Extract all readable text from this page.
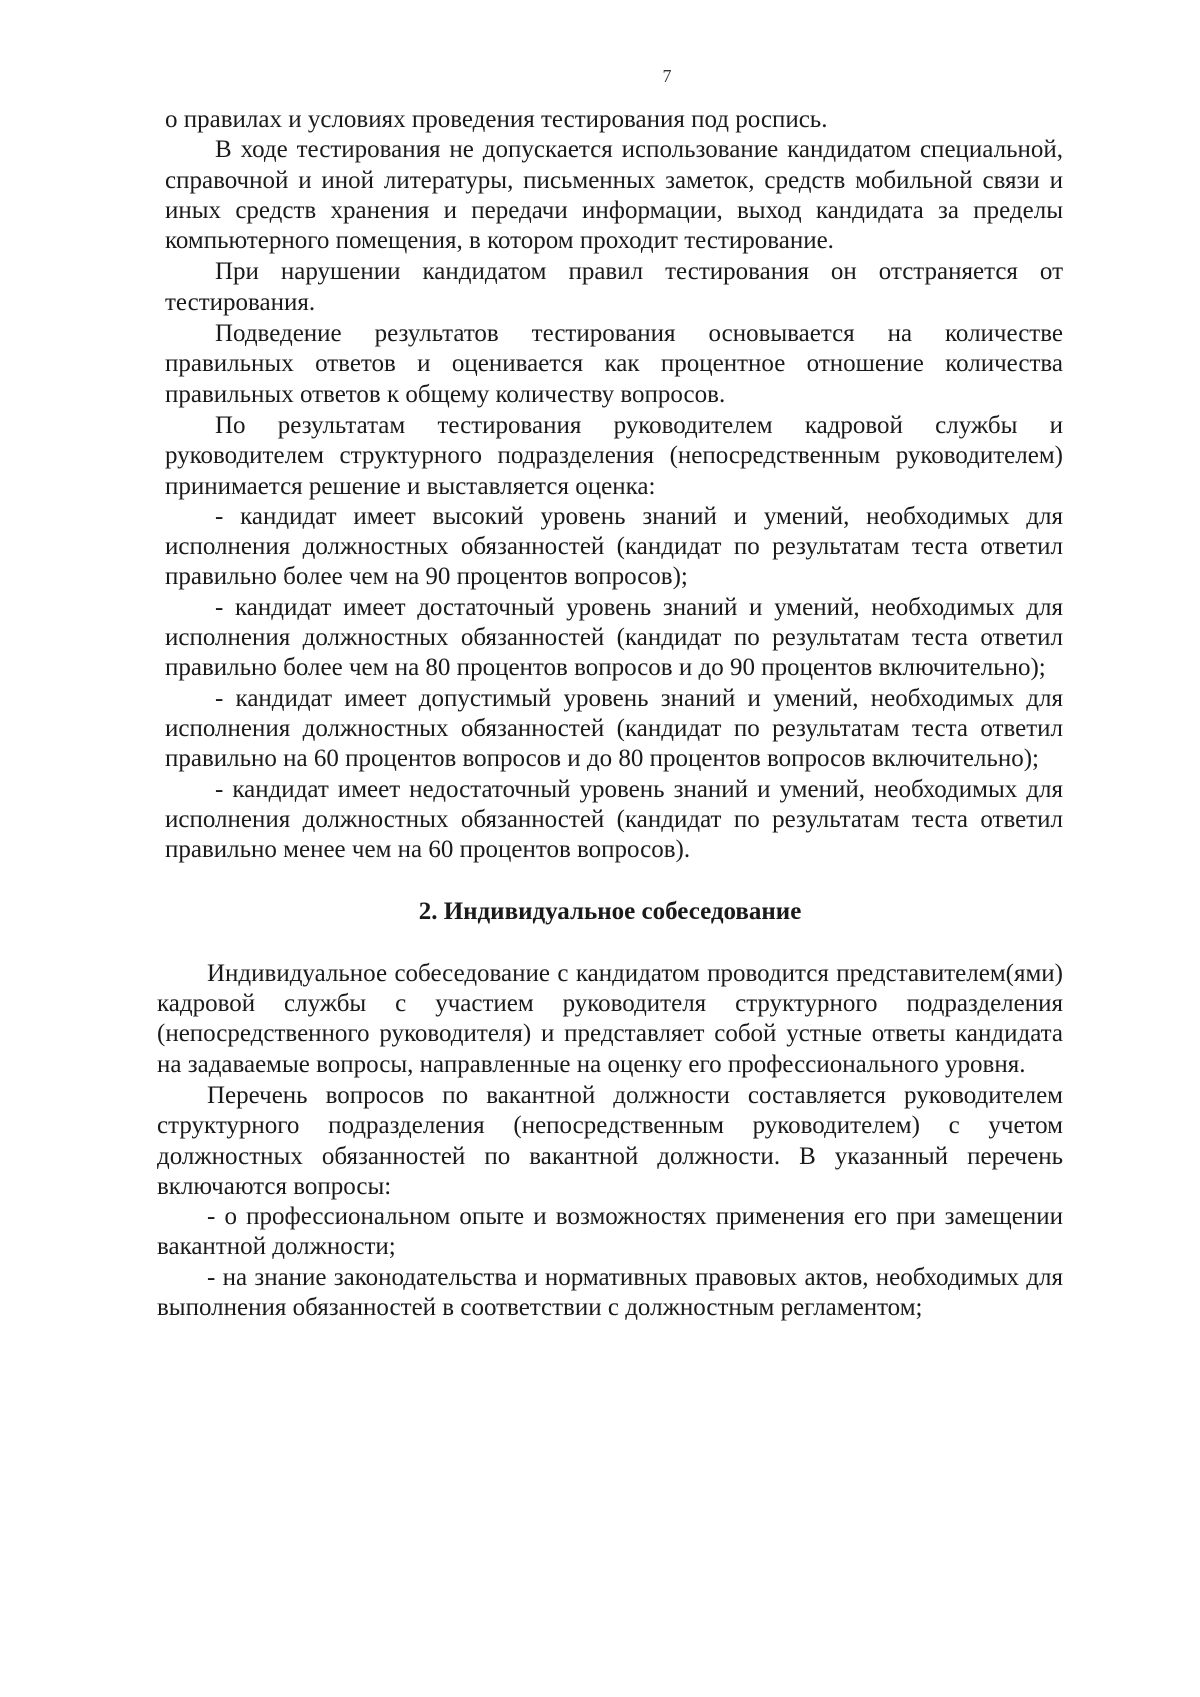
7

о правилах и условиях проведения тестирования под роспись.

В ходе тестирования не допускается использование кандидатом специальной, справочной и иной литературы, письменных заметок, средств мобильной связи и иных средств хранения и передачи информации, выход кандидата за пределы компьютерного помещения, в котором проходит тестирование.

При нарушении кандидатом правил тестирования он отстраняется от тестирования.

Подведение результатов тестирования основывается на количестве правильных ответов и оценивается как процентное отношение количества правильных ответов к общему количеству вопросов.

По результатам тестирования руководителем кадровой службы и руководителем структурного подразделения (непосредственным руководителем) принимается решение и выставляется оценка:

- кандидат имеет высокий уровень знаний и умений, необходимых для исполнения должностных обязанностей (кандидат по результатам теста ответил правильно более чем на 90 процентов вопросов);

- кандидат имеет достаточный уровень знаний и умений, необходимых для исполнения должностных обязанностей (кандидат по результатам теста ответил правильно более чем на 80 процентов вопросов и до 90 процентов включительно);

- кандидат имеет допустимый уровень знаний и умений, необходимых для исполнения должностных обязанностей (кандидат по результатам теста ответил правильно на 60 процентов вопросов и до 80 процентов вопросов включительно);

- кандидат имеет недостаточный уровень знаний и умений, необходимых для исполнения должностных обязанностей (кандидат по результатам теста ответил правильно менее чем на 60 процентов вопросов).

2. Индивидуальное собеседование

Индивидуальное собеседование с кандидатом проводится представителем(ями) кадровой службы с участием руководителя структурного подразделения (непосредственного руководителя) и представляет собой устные ответы кандидата на задаваемые вопросы, направленные на оценку его профессионального уровня.

Перечень вопросов по вакантной должности составляется руководителем структурного подразделения (непосредственным руководителем) с учетом должностных обязанностей по вакантной должности. В указанный перечень включаются вопросы:

- о профессиональном опыте и возможностях применения его при замещении вакантной должности;

- на знание законодательства и нормативных правовых актов, необходимых для выполнения обязанностей в соответствии с должностным регламентом;
